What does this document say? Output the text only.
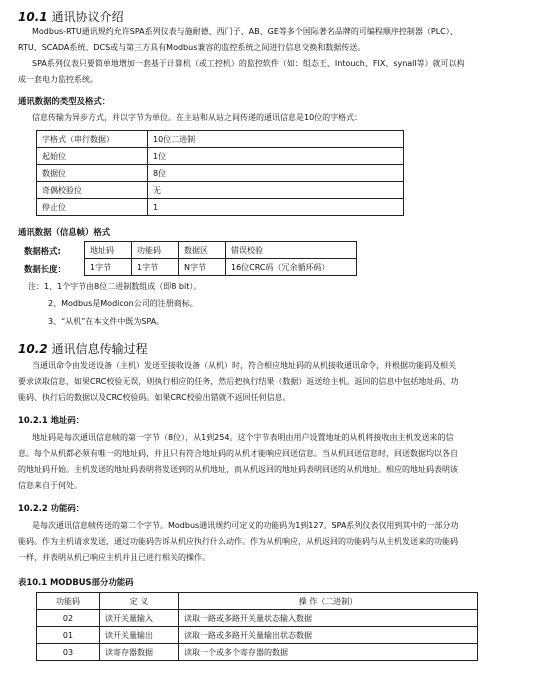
10.1 通讯协议介绍
Modbus-RTU通讯规约允许SPA系列仪表与施耐德、西门子、AB、GE等多个国际著名品牌的可编程顺序控制器（PLC）、
RTU、SCADA系统、DCS或与第三方具有Modbus兼容的监控系统之间进行信息交换和数据传送。
SPA系列仪表只要简单地增加一套基于计算机（或工控机）的监控软件（如：组态王、Intouch、FIX、synall等）就可以构
成一套电力监控系统。
通讯数据的类型及格式：
信息传输为异步方式，并以字节为单位。在主站和从站之间传递的通讯信息是10位的字格式：
字格式（串行数据）	10位二进制
起始位	1位
数据位	8位
奇偶校验位	无
停止位	1
通讯数据（信息帧）格式
数据格式:
数据长度：
地址码	功能码	数据区	错误校验
1字节	1字节	N字节	16位CRC码（冗余循环码）
注：1、1个字节由8位二进制数组成（即8 bit）。
2、Modbus是Modicon公司的注册商标。
3、“从机”在本文件中既为SPA。
10.2 通讯信息传输过程
当通讯命令由发送设备（主机）发送至接收设备（从机）时，符合相应地址码的从机接收通讯命令，并根据功能码及相关
要求读取信息，如果CRC校验无误，则执行相应的任务，然后把执行结果（数据）返送给主机。返回的信息中包括地址码、功
能码、执行后的数据以及CRC校验码。如果CRC校验出错就不返回任何信息。
10.2.1 地址码：
地址码是每次通讯信息帧的第一字节（8位），从1到254。这个字节表明由用户设置地址的从机将接收由主机发送来的信
息。每个从机都必须有唯一的地址码，并且只有符合地址码的从机才能响应回送信息。当从机回送信息时，回送数据均以各自
的地址码开始。主机发送的地址码表明将发送到的从机地址，而从机返回的地址码表明回送的从机地址。相应的地址码表明该
信息来自于何处。
10.2.2 功能码：
是每次通讯信息帧传送的第二个字节。Modbus通讯规约可定义的功能码为1到127。SPA系列仪表仅用到其中的一部分功
能码。作为主机请求发送，通过功能码告诉从机应执行什么动作。作为从机响应，从机返回的功能码与从主机发送来的功能码
一样，并表明从机已响应主机并且已进行相关的操作。
表10.1 MODBUS部分功能码
功能码	定 义	操 作（二进制）
02	读开关量输入	读取一路或多路开关量状态输入数据
01	读开关量输出	读取一路或多路开关量输出状态数据
03	读寄存器数据	读取一个或多个寄存器的数据
